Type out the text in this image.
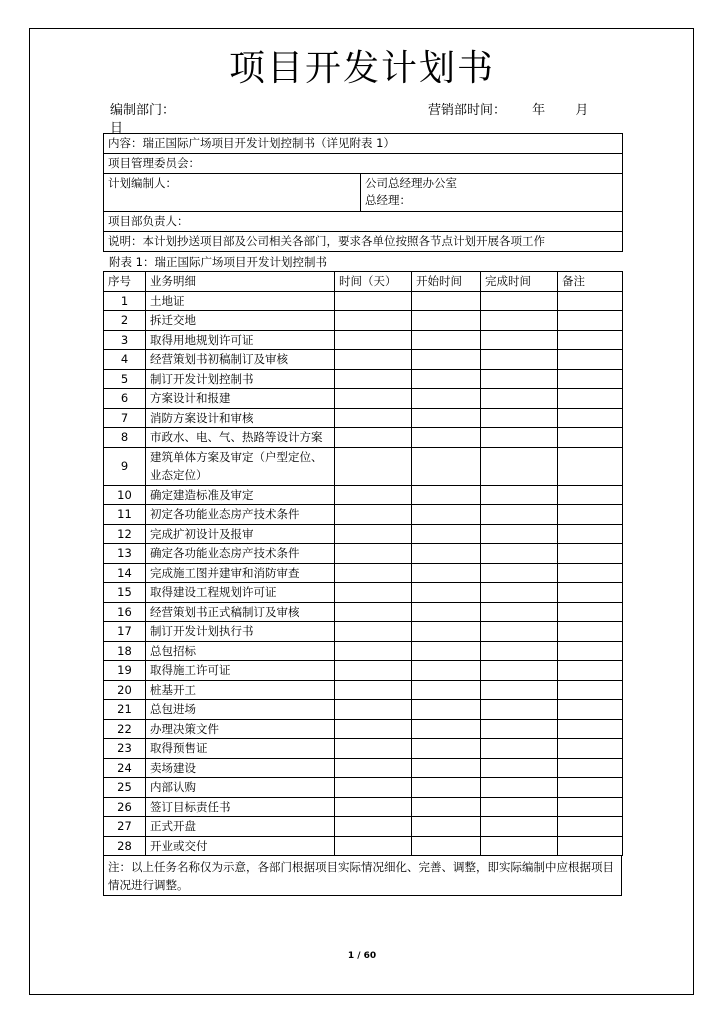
项目开发计划书
编制部门：	营销部时间： 年 月
日
内容：瑞正国际广场项目开发计划控制书（详见附表 1）
项目管理委员会：
计划编制人：	公司总经理办公室
总经理：

项目部负责人：
说明：本计划抄送项目部及公司相关各部门，要求各单位按照各节点计划开展各项工作
附表 1：瑞正国际广场项目开发计划控制书
序号	业务明细	时间（天）	开始时间	完成时间	备注
1	土地证				
2	拆迁交地				
3	取得用地规划许可证				
4	经营策划书初稿制订及审核				
5	制订开发计划控制书				
6	方案设计和报建				
7	消防方案设计和审核				
8	市政水、电、气、热路等设计方案				
9	建筑单体方案及审定（户型定位、业态定位）				
10	确定建造标准及审定				
11	初定各功能业态房产技术条件				
12	完成扩初设计及报审				
13	确定各功能业态房产技术条件				
14	完成施工图并建审和消防审查				
15	取得建设工程规划许可证				
16	经营策划书正式稿制订及审核				
17	制订开发计划执行书				
18	总包招标				
19	取得施工许可证				
20	桩基开工				
21	总包进场				
22	办理决策文件				
23	取得预售证				
24	卖场建设				
25	内部认购				
26	签订目标责任书				
27	正式开盘				
28	开业或交付				
注：以上任务名称仅为示意，各部门根据项目实际情况细化、完善、调整，即实际编制中应根据项目情况进行调整。
1 / 60
